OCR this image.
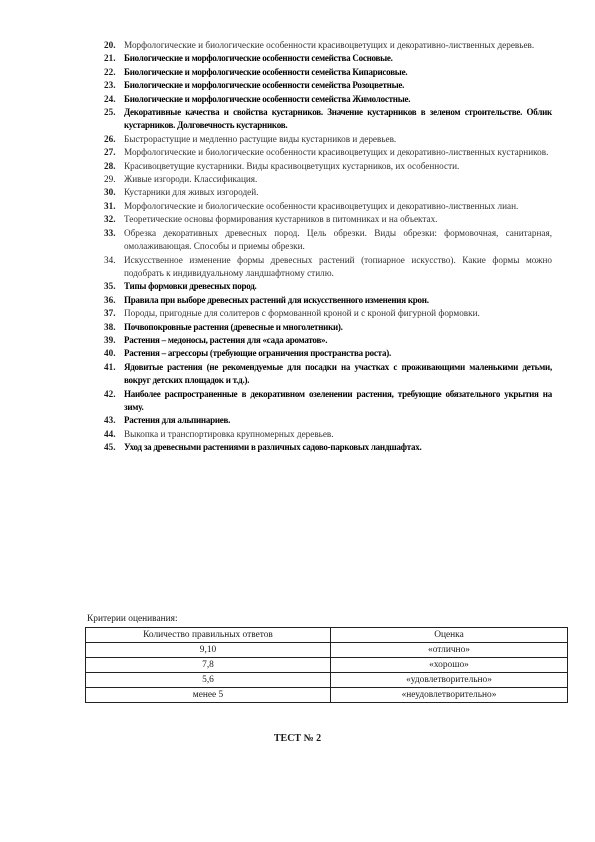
20. Морфологические и биологические особенности красивоцветущих и декоративно-лиственных деревьев.
21. Биологические и морфологические особенности семейства Сосновые.
22. Биологические и морфологические особенности семейства Кипарисовые.
23. Биологические и морфологические особенности семейства Розоцветные.
24. Биологические и морфологические особенности семейства Жимолостные.
25. Декоративные качества и свойства кустарников. Значение кустарников в зеленом строительстве. Облик кустарников. Долговечность кустарников.
26. Быстрорастущие и медленно растущие виды кустарников и деревьев.
27. Морфологические и биологические особенности красивоцветущих и декоративно-лиственных кустарников.
28. Красивоцветущие кустарники. Виды красивоцветущих кустарников, их особенности.
29. Живые изгороди. Классификация.
30. Кустарники для живых изгородей.
31. Морфологические и биологические особенности красивоцветущих и декоративно-лиственных лиан.
32. Теоретические основы формирования кустарников в питомниках и на объектах.
33. Обрезка декоративных древесных пород. Цель обрезки. Виды обрезки: формовочная, санитарная, омолаживающая. Способы и приемы обрезки.
34. Искусственное изменение формы древесных растений (топиарное искусство). Какие формы можно подобрать к индивидуальному ландшафтному стилю.
35. Типы формовки древесных пород.
36. Правила при выборе древесных растений для искусственного изменения крон.
37. Породы, пригодные для солитеров с формованной кроной и с кроной фигурной формовки.
38. Почвопокровные растения (древесные и многолетники).
39. Растения – медоносы, растения для «сада ароматов».
40. Растения – агрессоры (требующие ограничения пространства роста).
41. Ядовитые растения (не рекомендуемые для посадки на участках с проживающими маленькими детьми, вокруг детских площадок и т.д.).
42. Наиболее распространенные в декоративном озеленении растения, требующие обязательного укрытия на зиму.
43. Растения для альпинариев.
44. Выкопка и транспортировка крупномерных деревьев.
45. Уход за древесными растениями в различных садово-парковых ландшафтах.
Критерии оценивания:
Количество правильных ответов	Оценка
9,10	«отлично»
7,8	«хорошо»
5,6	«удовлетворительно»
менее 5	«неудовлетворительно»
ТЕСТ № 2
